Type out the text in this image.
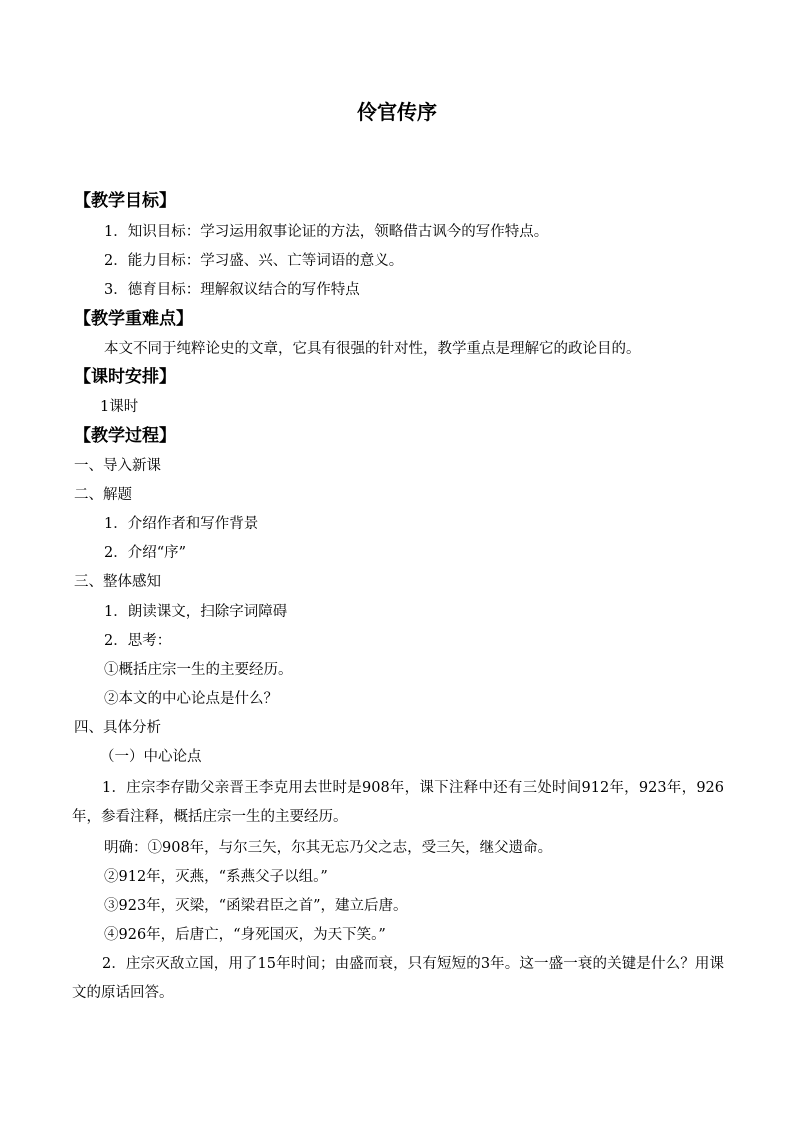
伶官传序
【教学目标】
1．知识目标：学习运用叙事论证的方法，领略借古讽今的写作特点。
2．能力目标：学习盛、兴、亡等词语的意义。
3．德育目标：理解叙议结合的写作特点
【教学重难点】
本文不同于纯粹论史的文章，它具有很强的针对性，教学重点是理解它的政论目的。
【课时安排】
1课时
【教学过程】
一、导入新课
二、解题
1．介绍作者和写作背景
2．介绍“序”
三、整体感知
1．朗读课文，扫除字词障碍
2．思考：
①概括庄宗一生的主要经历。
②本文的中心论点是什么？
四、具体分析
（一）中心论点
1．庄宗李存勖父亲晋王李克用去世时是908年，课下注释中还有三处时间912年，923年，926年，参看注释，概括庄宗一生的主要经历。
明确：①908年，与尔三矢，尔其无忘乃父之志，受三矢，继父遗命。
②912年，灭燕，“系燕父子以组。”
③923年，灭梁，“函梁君臣之首”，建立后唐。
④926年，后唐亡，“身死国灭，为天下笑。”
2．庄宗灭敌立国，用了15年时间；由盛而衰，只有短短的3年。这一盛一衰的关键是什么？用课文的原话回答。
